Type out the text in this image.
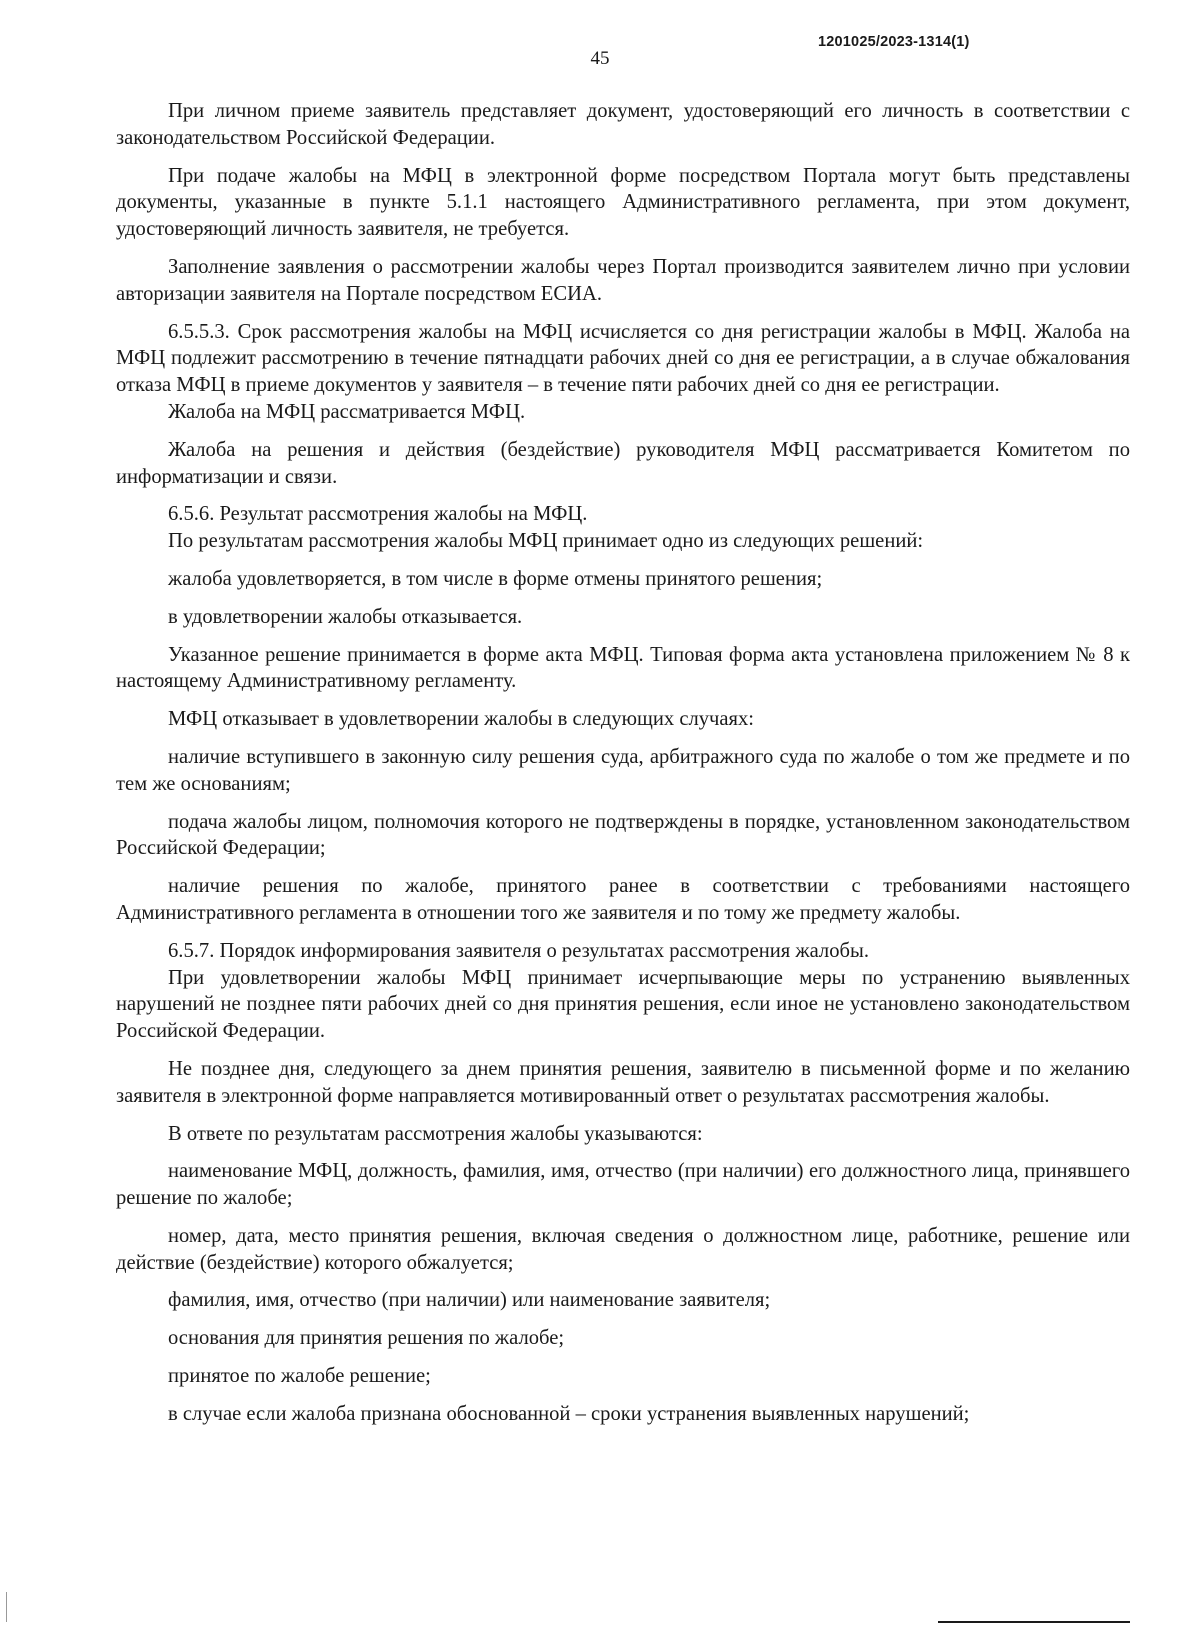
1201025/2023-1314(1)
45

При личном приеме заявитель представляет документ, удостоверяющий его личность в соответствии с законодательством Российской Федерации.

При подаче жалобы на МФЦ в электронной форме посредством Портала могут быть представлены документы, указанные в пункте 5.1.1 настоящего Административного регламента, при этом документ, удостоверяющий личность заявителя, не требуется.

Заполнение заявления о рассмотрении жалобы через Портал производится заявителем лично при условии авторизации заявителя на Портале посредством ЕСИА.

6.5.5.3. Срок рассмотрения жалобы на МФЦ исчисляется со дня регистрации жалобы в МФЦ. Жалоба на МФЦ подлежит рассмотрению в течение пятнадцати рабочих дней со дня ее регистрации, а в случае обжалования отказа МФЦ в приеме документов у заявителя – в течение пяти рабочих дней со дня ее регистрации.

Жалоба на МФЦ рассматривается МФЦ.

Жалоба на решения и действия (бездействие) руководителя МФЦ рассматривается Комитетом по информатизации и связи.

6.5.6. Результат рассмотрения жалобы на МФЦ.

По результатам рассмотрения жалобы МФЦ принимает одно из следующих решений:

жалоба удовлетворяется, в том числе в форме отмены принятого решения;

в удовлетворении жалобы отказывается.

Указанное решение принимается в форме акта МФЦ. Типовая форма акта установлена приложением № 8 к настоящему Административному регламенту.

МФЦ отказывает в удовлетворении жалобы в следующих случаях:

наличие вступившего в законную силу решения суда, арбитражного суда по жалобе о том же предмете и по тем же основаниям;

подача жалобы лицом, полномочия которого не подтверждены в порядке, установленном законодательством Российской Федерации;

наличие решения по жалобе, принятого ранее в соответствии с требованиями настоящего Административного регламента в отношении того же заявителя и по тому же предмету жалобы.

6.5.7. Порядок информирования заявителя о результатах рассмотрения жалобы.

При удовлетворении жалобы МФЦ принимает исчерпывающие меры по устранению выявленных нарушений не позднее пяти рабочих дней со дня принятия решения, если иное не установлено законодательством Российской Федерации.

Не позднее дня, следующего за днем принятия решения, заявителю в письменной форме и по желанию заявителя в электронной форме направляется мотивированный ответ о результатах рассмотрения жалобы.

В ответе по результатам рассмотрения жалобы указываются:

наименование МФЦ, должность, фамилия, имя, отчество (при наличии) его должностного лица, принявшего решение по жалобе;

номер, дата, место принятия решения, включая сведения о должностном лице, работнике, решение или действие (бездействие) которого обжалуется;

фамилия, имя, отчество (при наличии) или наименование заявителя;

основания для принятия решения по жалобе;

принятое по жалобе решение;

в случае если жалоба признана обоснованной – сроки устранения выявленных нарушений;
